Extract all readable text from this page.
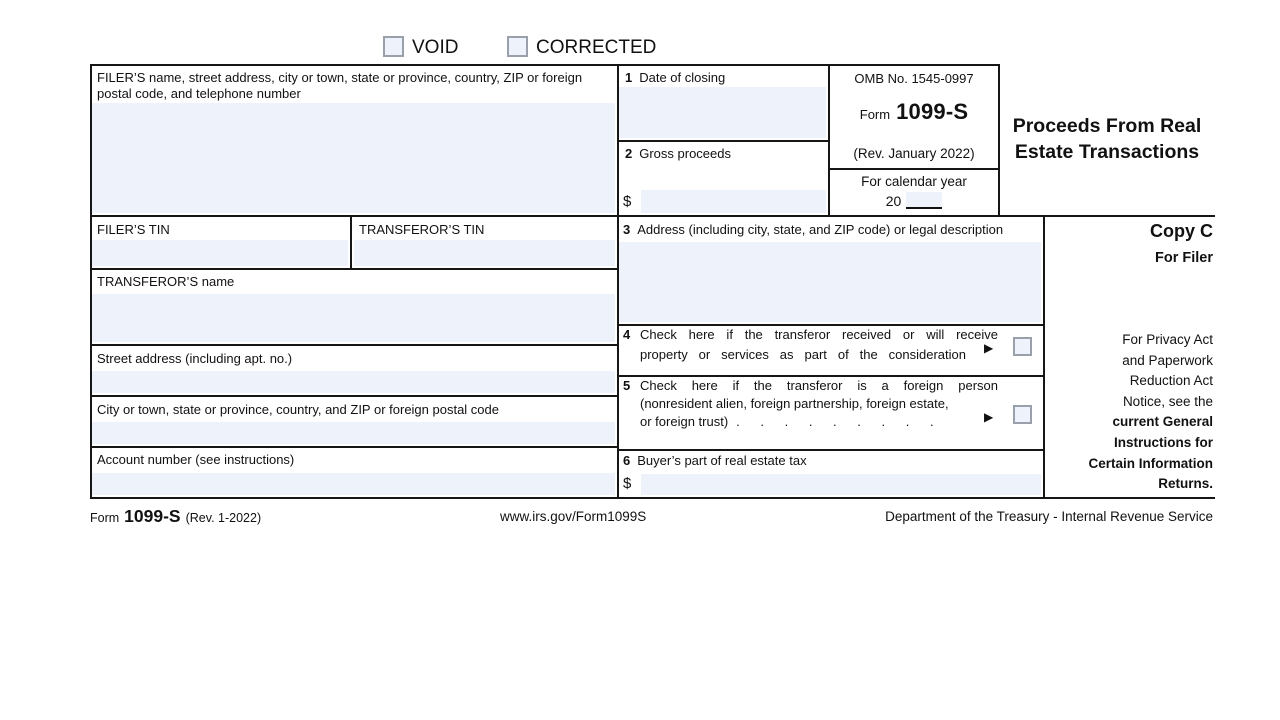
VOID	CORRECTED
FILER’S name, street address, city or town, state or province, country, ZIP or foreign postal code, and telephone number
FILER’S TIN	TRANSFEROR’S TIN
TRANSFEROR’S name
Street address (including apt. no.)
City or town, state or province, country, and ZIP or foreign postal code
Account number (see instructions)
1 Date of closing
2 Gross proceeds
$
OMB No. 1545-0997
Form 1099-S
(Rev. January 2022)
For calendar year
20
Proceeds From Real
Estate Transactions
3 Address (including city, state, and ZIP code) or legal description
4 Check here if the transferor received or will receive
property or services as part of the consideration ▶
5 Check here if the transferor is a foreign person
(nonresident alien, foreign partnership, foreign estate,
or foreign trust) . . . . . . . . .	▶
6 Buyer’s part of real estate tax
$
Copy C
For Filer
For Privacy Act
and Paperwork
Reduction Act
Notice, see the
current General
Instructions for
Certain Information
Returns.
Form 1099-S (Rev. 1-2022)	www.irs.gov/Form1099S	Department of the Treasury - Internal Revenue Service
